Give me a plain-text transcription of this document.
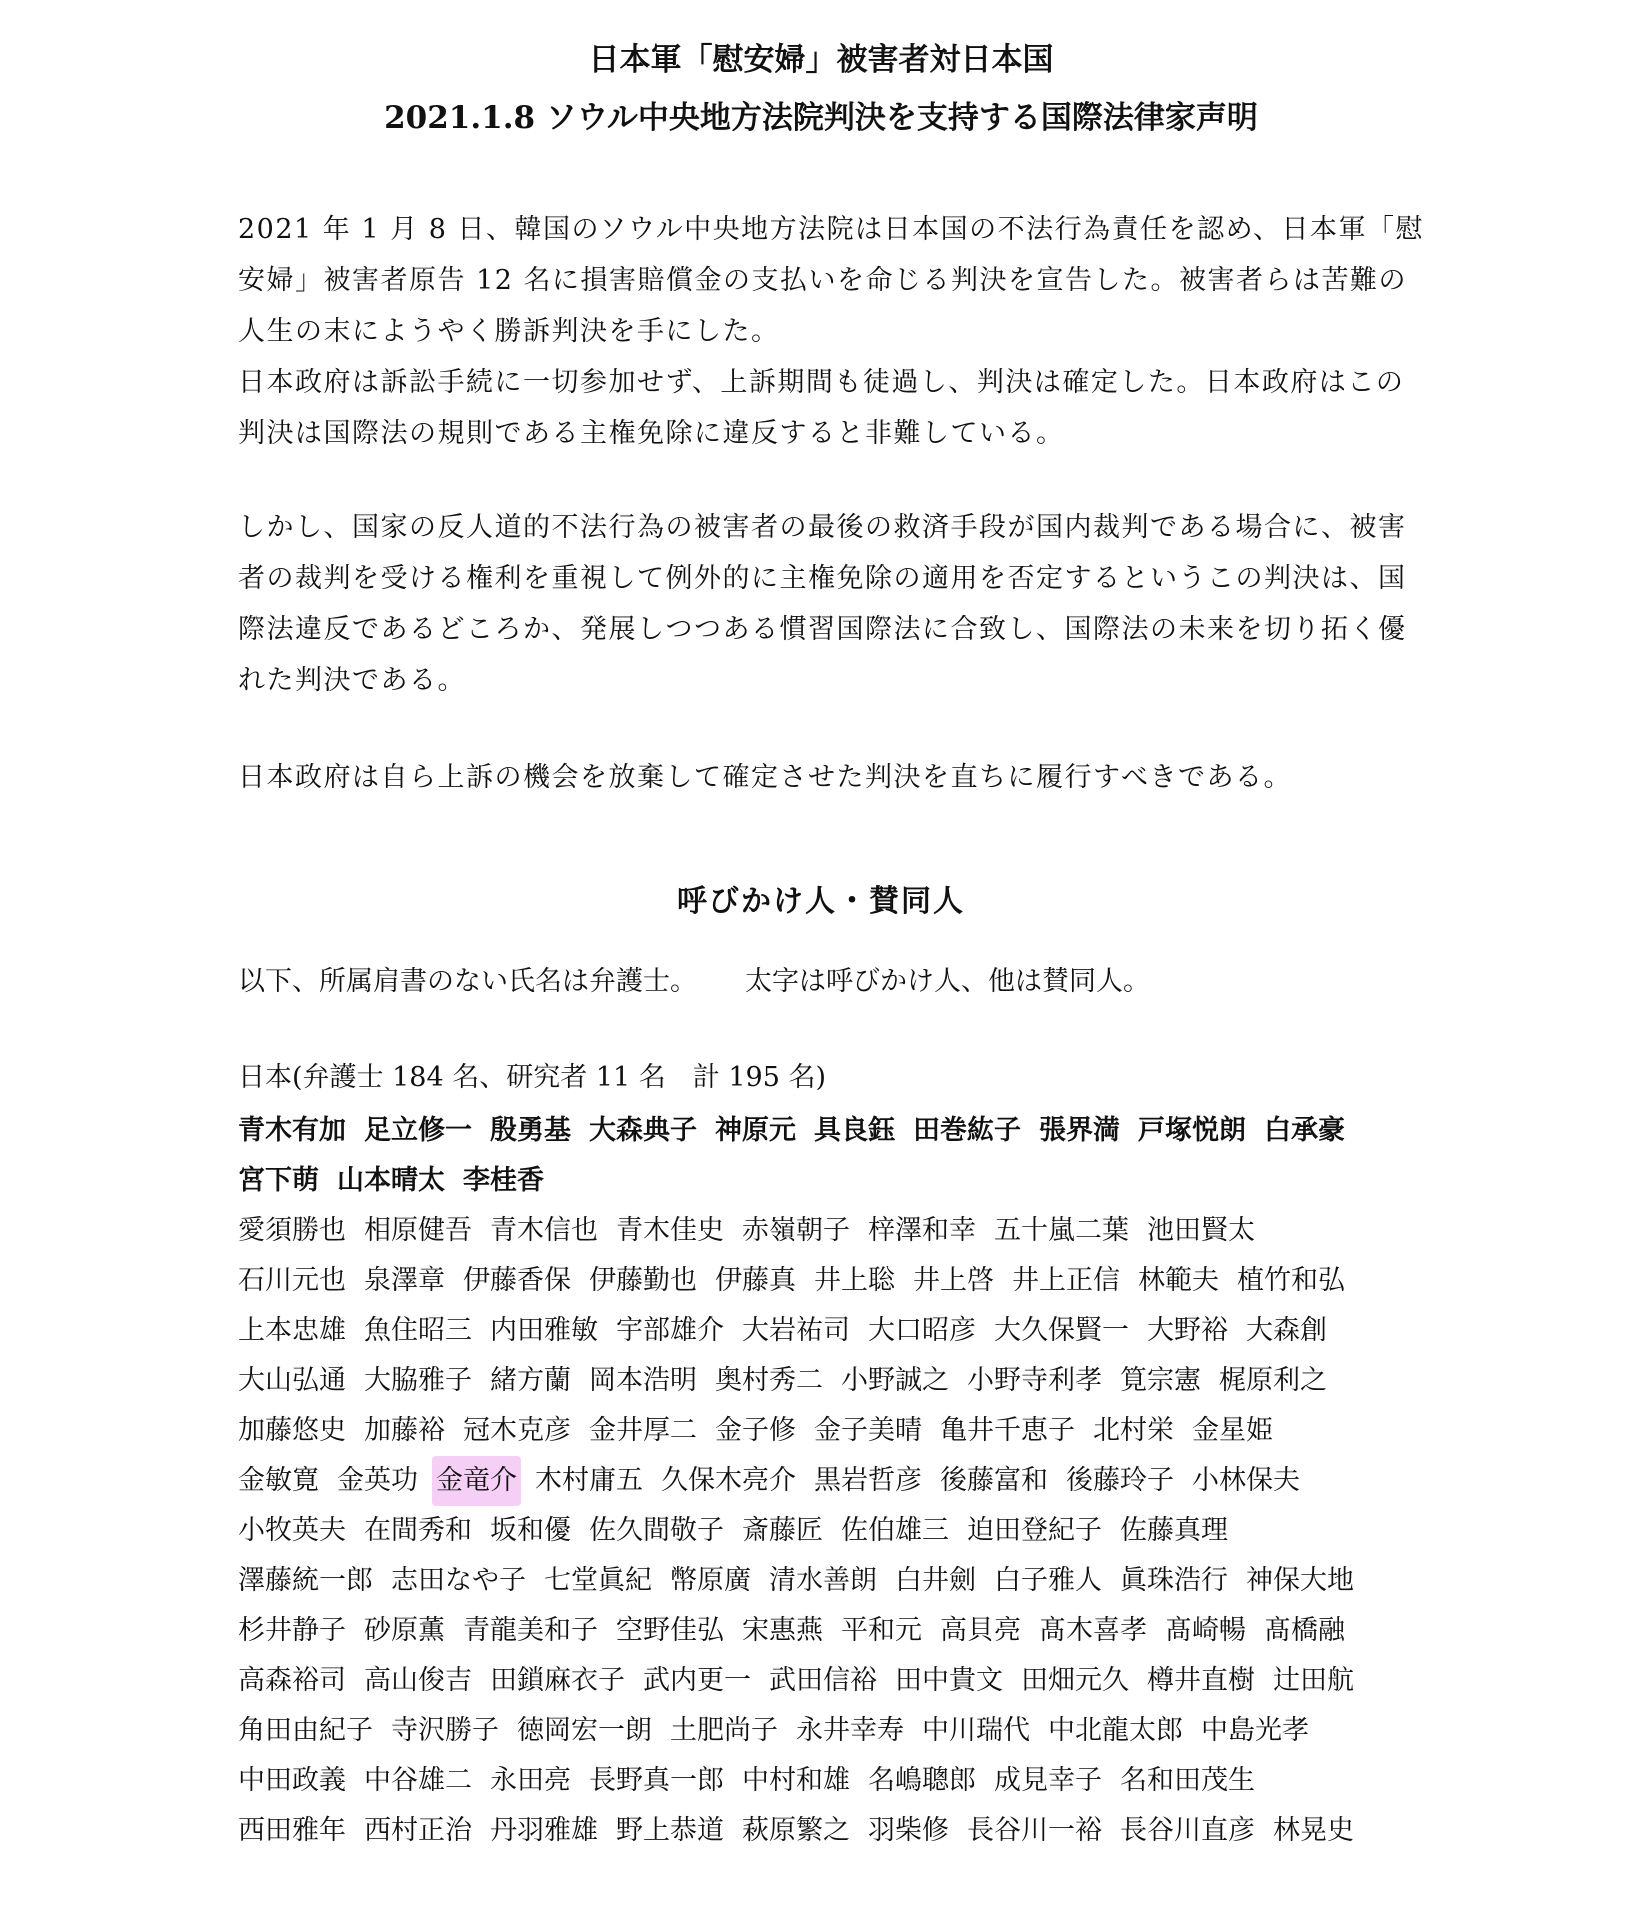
日本軍「慰安婦」被害者対日本国
2021.1.8 ソウル中央地方法院判決を支持する国際法律家声明

2021 年 1 月 8 日、韓国のソウル中央地方法院は日本国の不法行為責任を認め、日本軍「慰安婦」被害者原告 12 名に損害賠償金の支払いを命じる判決を宣告した。被害者らは苦難の人生の末にようやく勝訴判決を手にした。

日本政府は訴訟手続に一切参加せず、上訴期間も徒過し、判決は確定した。日本政府はこの判決は国際法の規則である主権免除に違反すると非難している。

しかし、国家の反人道的不法行為の被害者の最後の救済手段が国内裁判である場合に、被害者の裁判を受ける権利を重視して例外的に主権免除の適用を否定するというこの判決は、国際法違反であるどころか、発展しつつある慣習国際法に合致し、国際法の未来を切り拓く優れた判決である。

日本政府は自ら上訴の機会を放棄して確定させた判決を直ちに履行すべきである。

呼びかけ人・賛同人
以下、所属肩書のない氏名は弁護士。 太字は呼びかけ人、他は賛同人。
日本(弁護士 184 名、研究者 11 名　計 195 名)
青木有加 足立修一 殷勇基 大森典子 神原元 具良鈺 田巻紘子 張界満 戸塚悦朗 白承豪
宮下萌 山本晴太 李桂香
愛須勝也 相原健吾 青木信也 青木佳史 赤嶺朝子 梓澤和幸 五十嵐二葉 池田賢太
石川元也 泉澤章 伊藤香保 伊藤勤也 伊藤真 井上聡 井上啓 井上正信 林範夫 植竹和弘
上本忠雄 魚住昭三 内田雅敏 宇部雄介 大岩祐司 大口昭彦 大久保賢一 大野裕 大森創
大山弘通 大脇雅子 緒方蘭 岡本浩明 奥村秀二 小野誠之 小野寺利孝 筧宗憲 梶原利之
加藤悠史 加藤裕 冠木克彦 金井厚二 金子修 金子美晴 亀井千恵子 北村栄 金星姫
金敏寛 金英功 金竜介 木村庸五 久保木亮介 黒岩哲彦 後藤富和 後藤玲子 小林保夫
小牧英夫 在間秀和 坂和優 佐久間敬子 斎藤匠 佐伯雄三 迫田登紀子 佐藤真理
澤藤統一郎 志田なや子 七堂眞紀 幣原廣 清水善朗 白井劍 白子雅人 眞珠浩行 神保大地
杉井静子 砂原薫 青龍美和子 空野佳弘 宋惠燕 平和元 高貝亮 髙木喜孝 髙崎暢 髙橋融
高森裕司 高山俊吉 田鎖麻衣子 武内更一 武田信裕 田中貴文 田畑元久 樽井直樹 辻田航
角田由紀子 寺沢勝子 徳岡宏一朗 土肥尚子 永井幸寿 中川瑞代 中北龍太郎 中島光孝
中田政義 中谷雄二 永田亮 長野真一郎 中村和雄 名嶋聰郎 成見幸子 名和田茂生
西田雅年 西村正治 丹羽雅雄 野上恭道 萩原繁之 羽柴修 長谷川一裕 長谷川直彦 林晃史
